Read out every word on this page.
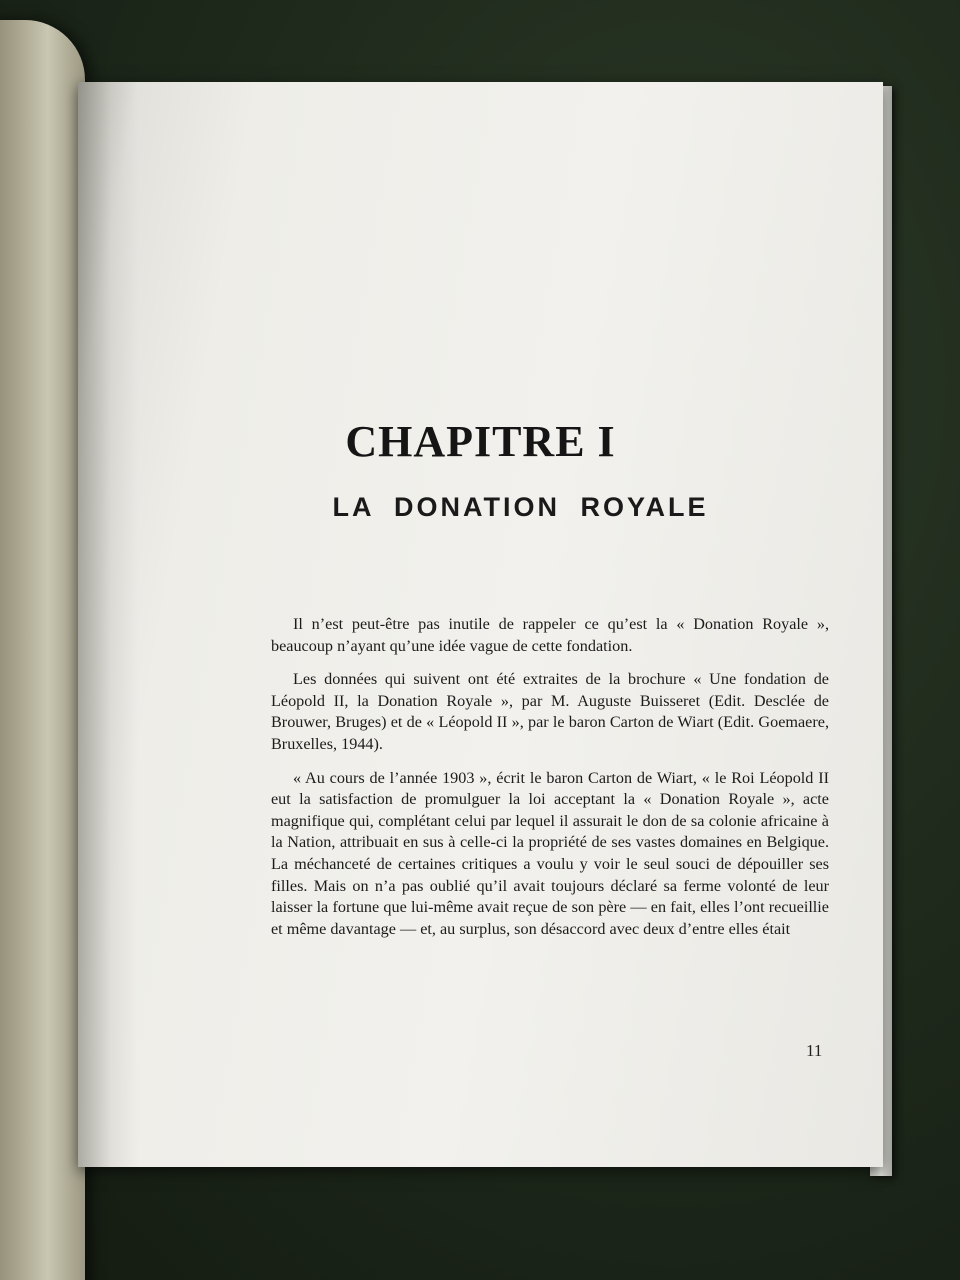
CHAPITRE I
LA DONATION ROYALE

Il n’est peut-être pas inutile de rappeler ce qu’est la « Donation Royale », beaucoup n’ayant qu’une idée vague de cette fondation.

Les données qui suivent ont été extraites de la brochure « Une fondation de Léopold II, la Donation Royale », par M. Auguste Buisseret (Edit. Desclée de Brouwer, Bruges) et de « Léopold II », par le baron Carton de Wiart (Edit. Goemaere, Bruxelles, 1944).

« Au cours de l’année 1903 », écrit le baron Carton de Wiart, « le Roi Léopold II eut la satisfaction de promulguer la loi acceptant la « Donation Royale », acte magnifique qui, complétant celui par lequel il assurait le don de sa colonie africaine à la Nation, attribuait en sus à celle-ci la propriété de ses vastes domaines en Belgique. La méchanceté de certaines critiques a voulu y voir le seul souci de dépouiller ses filles. Mais on n’a pas oublié qu’il avait toujours déclaré sa ferme volonté de leur laisser la fortune que lui-même avait reçue de son père — en fait, elles l’ont recueillie et même davantage — et, au surplus, son désaccord avec deux d’entre elles était

11
